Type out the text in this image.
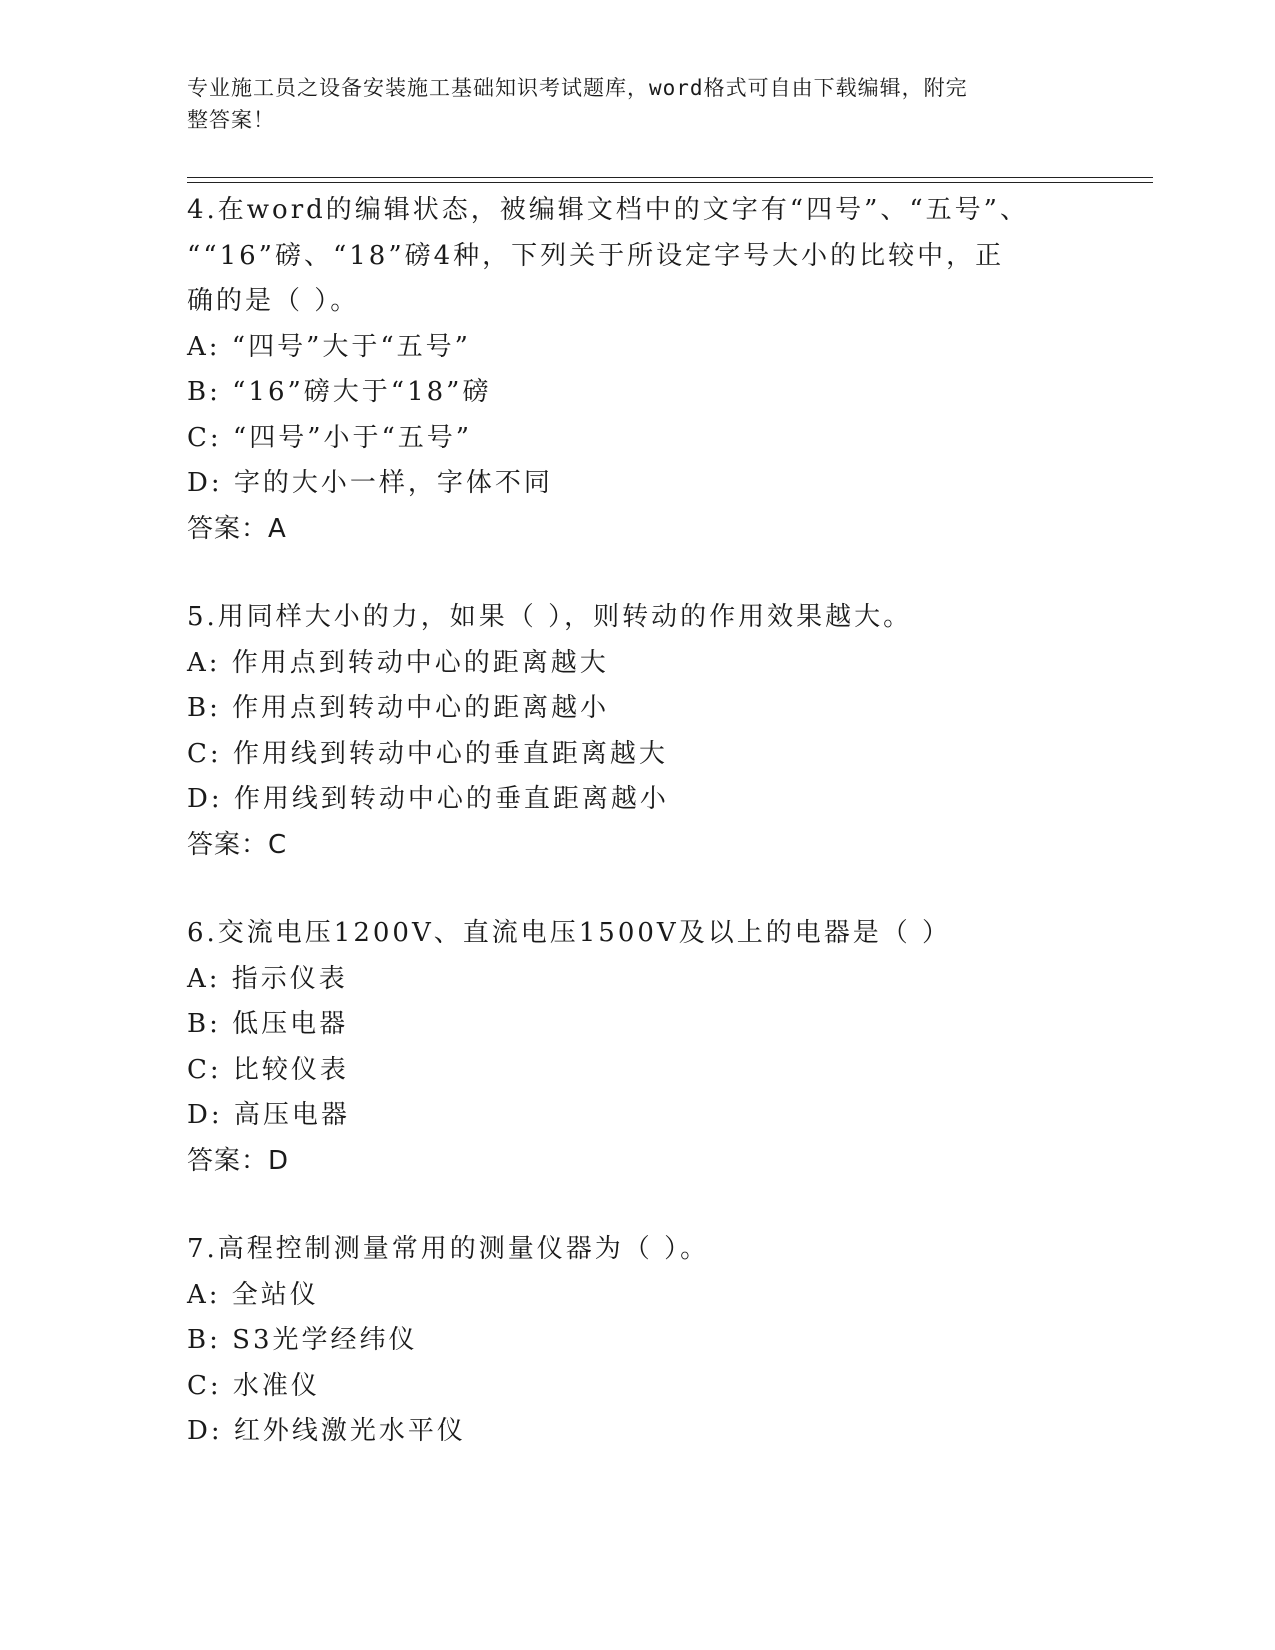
专业施工员之设备安装施工基础知识考试题库，word格式可自由下载编辑，附完
整答案！
4.在word的编辑状态，被编辑文档中的文字有“四号”、“五号”、
““16”磅、“18”磅4种，下列关于所设定字号大小的比较中，正
确的是（ ）。
A: “四号”大于“五号”
B: “16”磅大于“18”磅
C: “四号”小于“五号”
D: 字的大小一样，字体不同
答案：A
5.用同样大小的力，如果（ ），则转动的作用效果越大。
A: 作用点到转动中心的距离越大
B: 作用点到转动中心的距离越小
C: 作用线到转动中心的垂直距离越大
D: 作用线到转动中心的垂直距离越小
答案：C
6.交流电压1200V、直流电压1500V及以上的电器是（ ）
A: 指示仪表
B: 低压电器
C: 比较仪表
D: 高压电器
答案：D
7.高程控制测量常用的测量仪器为（ ）。
A: 全站仪
B: S3光学经纬仪
C: 水准仪
D: 红外线激光水平仪
